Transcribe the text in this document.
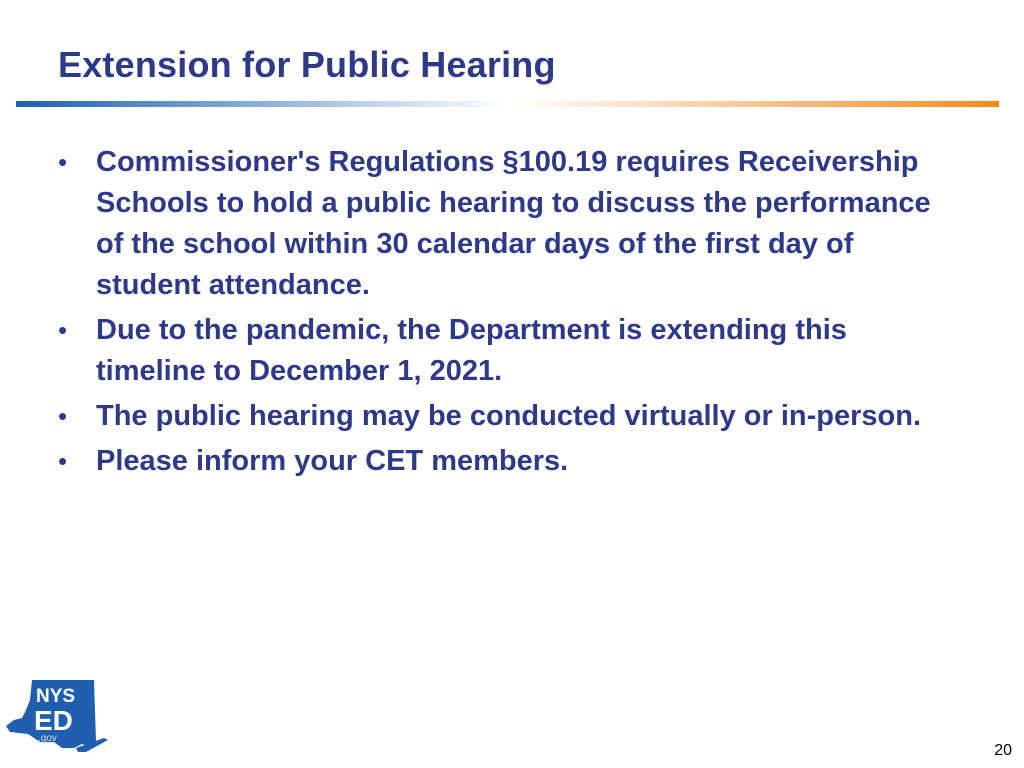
Extension for Public Hearing
• Commissioner's Regulations §100.19 requires Receivership Schools to hold a public hearing to discuss the performance of the school within 30 calendar days of the first day of student attendance.
• Due to the pandemic, the Department is extending this timeline to December 1, 2021.
• The public hearing may be conducted virtually or in-person.
• Please inform your CET members.
NYS
ED
.gov
20
